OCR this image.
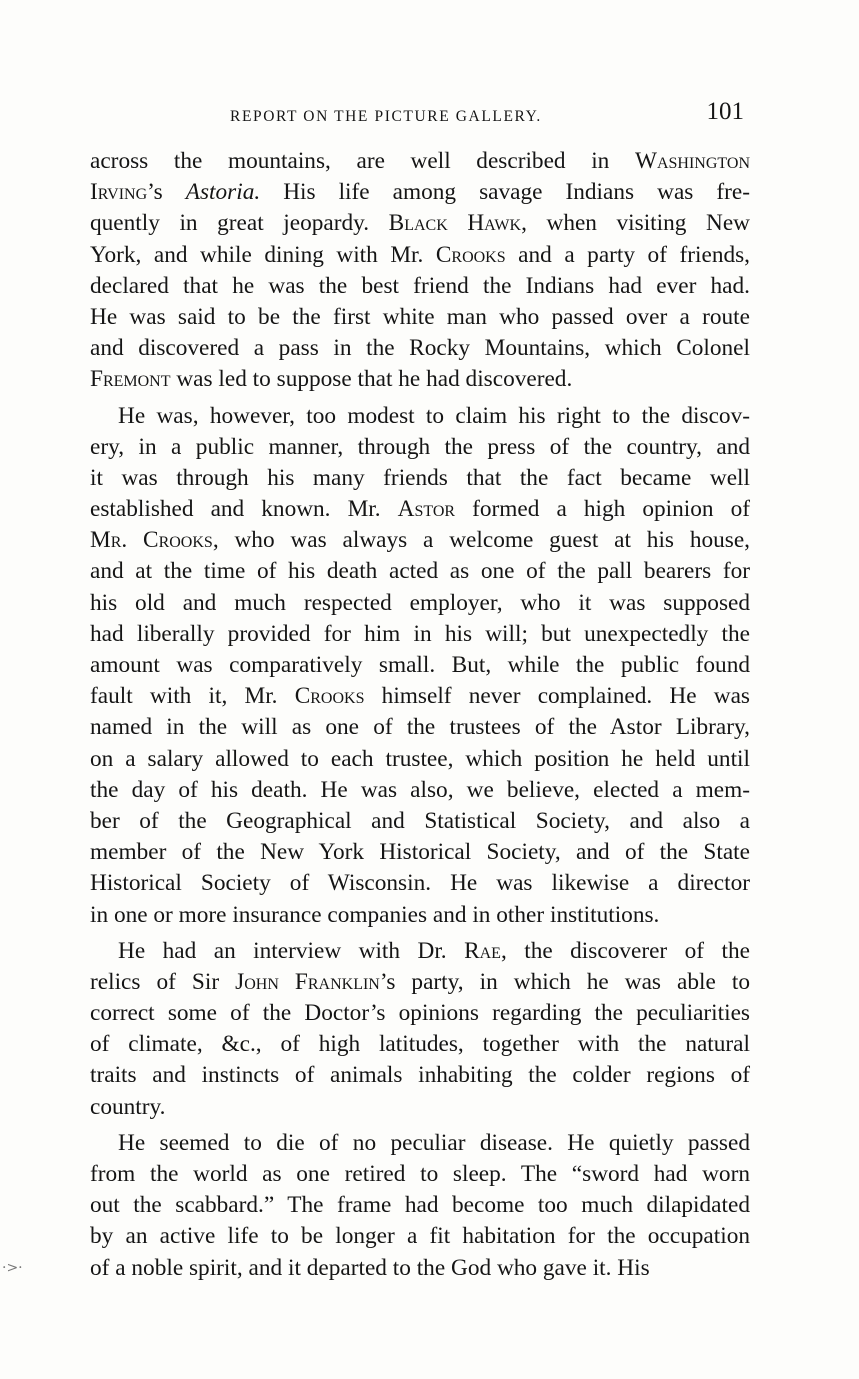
REPORT ON THE PICTURE GALLERY.	101
across the mountains, are well described in Washington
Irving’s Astoria. His life among savage Indians was fre-
quently in great jeopardy. Black Hawk, when visiting New
York, and while dining with Mr. Crooks and a party of friends,
declared that he was the best friend the Indians had ever had.
He was said to be the first white man who passed over a route
and discovered a pass in the Rocky Mountains, which Colonel
Fremont was led to suppose that he had discovered.
He was, however, too modest to claim his right to the discov-
ery, in a public manner, through the press of the country, and
it was through his many friends that the fact became well
established and known. Mr. Astor formed a high opinion of
Mr. Crooks, who was always a welcome guest at his house,
and at the time of his death acted as one of the pall bearers for
his old and much respected employer, who it was supposed
had liberally provided for him in his will; but unexpectedly the
amount was comparatively small. But, while the public found
fault with it, Mr. Crooks himself never complained. He was
named in the will as one of the trustees of the Astor Library,
on a salary allowed to each trustee, which position he held until
the day of his death. He was also, we believe, elected a mem-
ber of the Geographical and Statistical Society, and also a
member of the New York Historical Society, and of the State
Historical Society of Wisconsin. He was likewise a director
in one or more insurance companies and in other institutions.
He had an interview with Dr. Rae, the discoverer of the
relics of Sir John Franklin’s party, in which he was able to
correct some of the Doctor’s opinions regarding the peculiarities
of climate, &c., of high latitudes, together with the natural
traits and instincts of animals inhabiting the colder regions of
country.
He seemed to die of no peculiar disease. He quietly passed
from the world as one retired to sleep. The “sword had worn
out the scabbard.” The frame had become too much dilapidated
by an active life to be longer a fit habitation for the occupation
of a noble spirit, and it departed to the God who gave it. His
·>·
